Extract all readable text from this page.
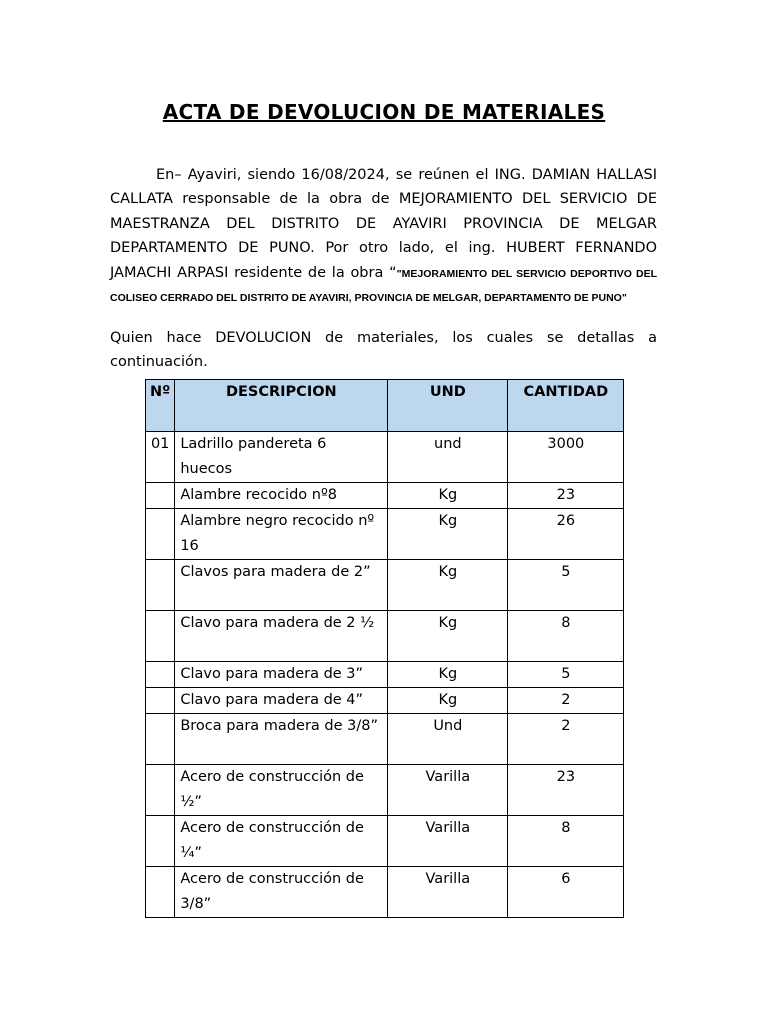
ACTA DE DEVOLUCION DE MATERIALES

En– Ayaviri, siendo 16/08/2024, se reúnen el ING. DAMIAN HALLASI CALLATA responsable de la obra de MEJORAMIENTO DEL SERVICIO DE MAESTRANZA DEL DISTRITO DE AYAVIRI PROVINCIA DE MELGAR DEPARTAMENTO DE PUNO. Por otro lado, el ing. HUBERT FERNANDO JAMACHI ARPASI residente de la obra “"MEJORAMIENTO DEL SERVICIO DEPORTIVO DEL COLISEO CERRADO DEL DISTRITO DE AYAVIRI, PROVINCIA DE MELGAR, DEPARTAMENTO DE PUNO"

Quien hace DEVOLUCION de materiales, los cuales se detallas a continuación.

Nº	DESCRIPCION	UND	CANTIDAD
01	Ladrillo pandereta 6 huecos	und	3000
	Alambre recocido nº8	Kg	23
	Alambre negro recocido nº 16	Kg	26
	Clavos para madera de 2”	Kg	5
	Clavo para madera de 2 ½	Kg	8
	Clavo para madera de 3”	Kg	5
	Clavo para madera de 4”	Kg	2
	Broca para madera de 3/8”	Und	2
	Acero de construcción de ½”	Varilla	23
	Acero de construcción de ¼”	Varilla	8
	Acero de construcción de 3/8”	Varilla	6
